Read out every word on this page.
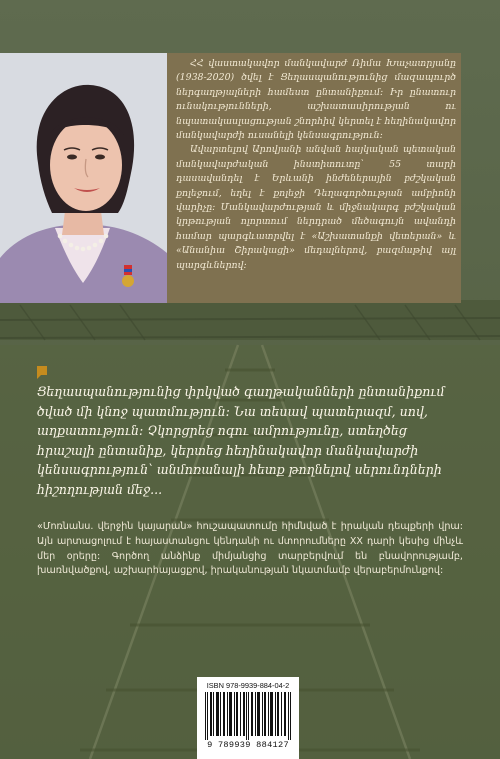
ՀՀ վաստակավոր մանկավարժ Ռիմա Խաչատրյանը (1938-2020) ծվել է Ցեղասպանությունից մազապուրծ ներգաղթյալների համեստ ընտանիքում: Իր ընատուր ունակությունների, աշխատասիրության ու նպատակասլացության շնորհիվ կերտել է հեղինակավոր մանկավարժի ուսանելի կենսագրություն:

Ավարտելով Արովյանի անվան հայկական պետական մանկավարժական ինստիտուտը՝ 55 տարի դասավանդել է Երևանի ինժեներային բժշկական քոլեջում, եղել է քոլեջի Դեղագործության ամբիոնի վարիչը: Մանկավարժության և միջնակարգ բժշկական կրթության ոլորտում ներդրած մեծագույն ավանդի համար պարգևատրվել է «Աշխատանքի վետերան» և «Անանիա Շիրակացի» մեդալներով, բազմաթիվ այլ պարգևներով:

Ցեղասպանությունից փրկված գաղթականների ընտանիքում ծված մի կնոջ պատմություն: Նա տեսավ պատերազմ, սով, աղքատություն: Չկորցրեց ոգու ամրությունը, ստեղծեց հրաշալի ընտանիք, կերտեց հեղինակավոր մանկավարժի կենսագրություն՝ անմոռանալի հետք թողնելով սերունդների հիշողության մեջ...

«Մոռնանս. վերջին կայարան» հուշապատումը հիմնված է իրական դեպքերի վրա: Այն արտացոլում է հայաստանցու կենդանի ու մտորումները XX դարի կեսից մինչև մեր օրերը: Գործող անձինք միմյանցից տարբերվում են բնավորությամբ, խառնվածքով, աշխարհայացքով, իրականության նկատմամբ վերաբերմունքով:

ISBN 978-9939-884-04-2
9 789939 884127
